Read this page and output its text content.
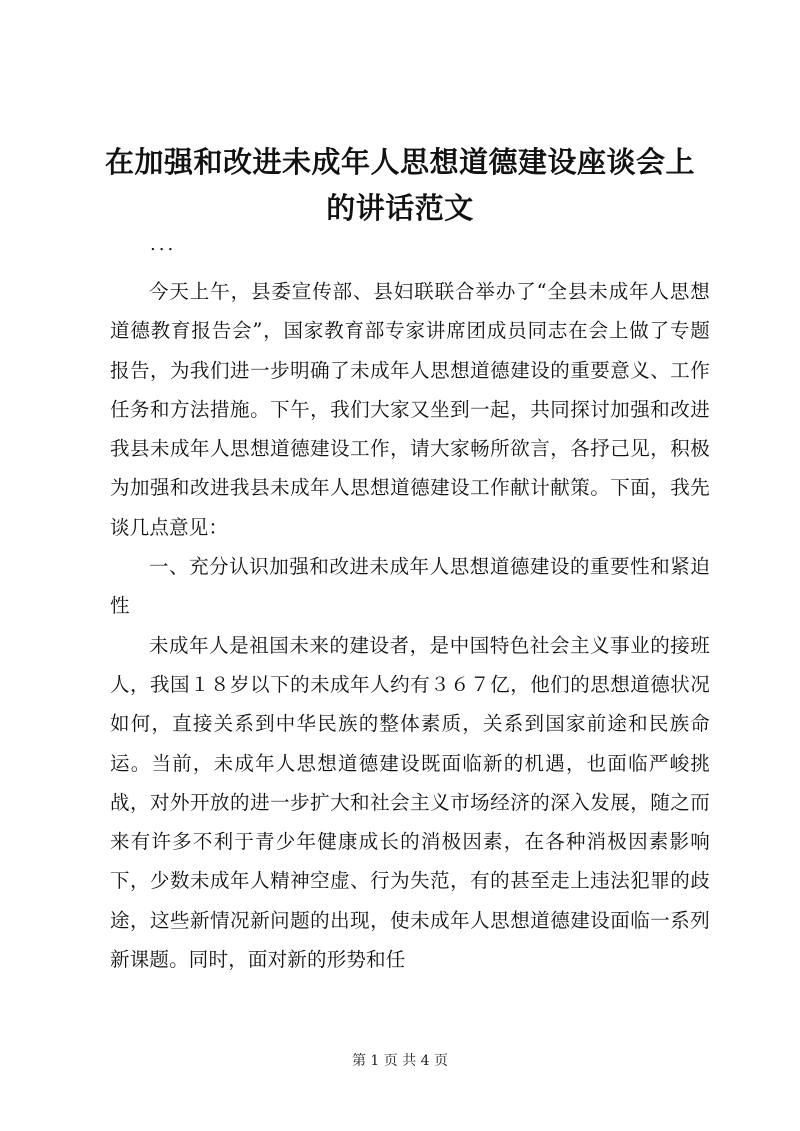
在加强和改进未成年人思想道德建设座谈会上
的讲话范文
...

今天上午，县委宣传部、县妇联联合举办了“全县未成年人思想道德教育报告会”，国家教育部专家讲席团成员同志在会上做了专题报告，为我们进一步明确了未成年人思想道德建设的重要意义、工作任务和方法措施。下午，我们大家又坐到一起，共同探讨加强和改进我县未成年人思想道德建设工作，请大家畅所欲言，各抒己见，积极为加强和改进我县未成年人思想道德建设工作献计献策。下面，我先谈几点意见：

一、充分认识加强和改进未成年人思想道德建设的重要性和紧迫性

未成年人是祖国未来的建设者，是中国特色社会主义事业的接班人，我国１８岁以下的未成年人约有３６７亿，他们的思想道德状况如何，直接关系到中华民族的整体素质，关系到国家前途和民族命运。当前，未成年人思想道德建设既面临新的机遇，也面临严峻挑战，对外开放的进一步扩大和社会主义市场经济的深入发展，随之而来有许多不利于青少年健康成长的消极因素，在各种消极因素影响下，少数未成年人精神空虚、行为失范，有的甚至走上违法犯罪的歧途，这些新情况新问题的出现，使未成年人思想道德建设面临一系列新课题。同时，面对新的形势和任

第 1 页 共 4 页
